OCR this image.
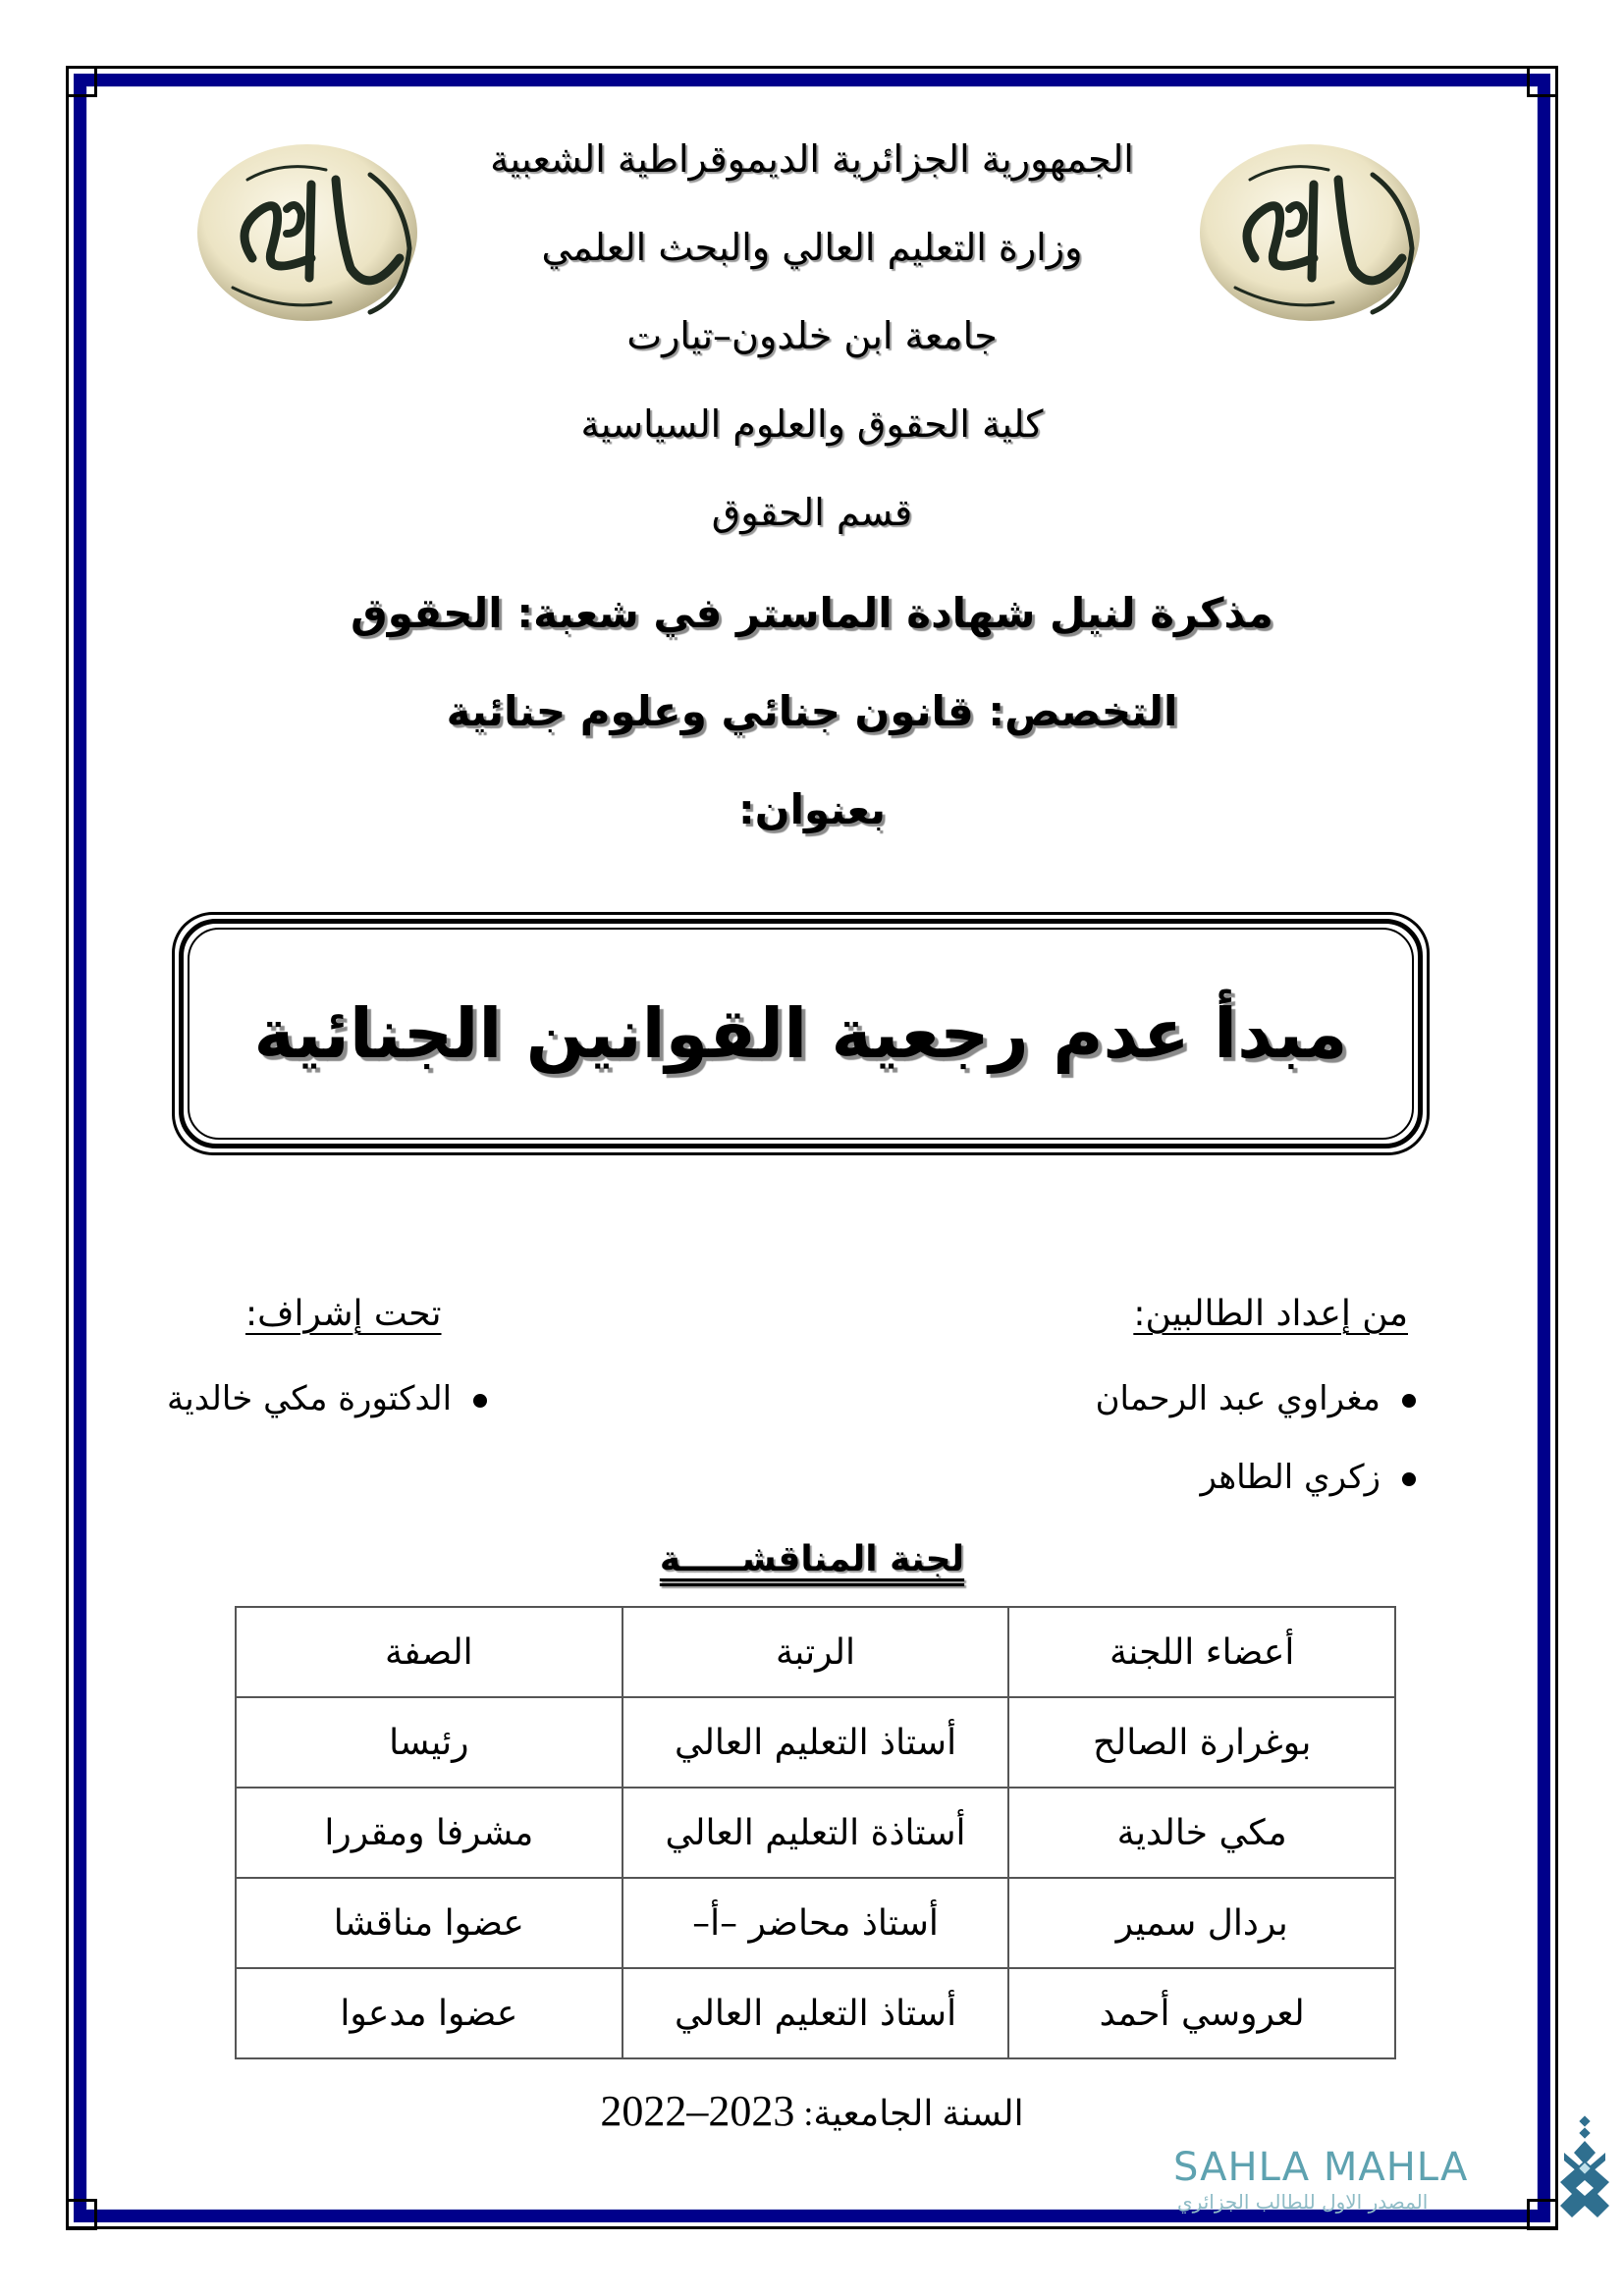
الجمهورية الجزائرية الديموقراطية الشعبية
وزارة التعليم العالي والبحث العلمي
جامعة ابن خلدون–تيارت
كلية الحقوق والعلوم السياسية
قسم الحقوق
مذكرة لنيل شهادة الماستر في شعبة: الحقوق
التخصص: قانون جنائي وعلوم جنائية
بعنوان:
مبدأ عدم رجعية القوانين الجنائية
من إعداد الطالبين:
مغراوي عبد الرحمان
زكري الطاهر
تحت إشراف:
الدكتورة مكي خالدية
لجنة المناقشـــــة
أعضاء اللجنة	الرتبة	الصفة
بوغرارة الصالح	أستاذ التعليم العالي	رئيسا
مكي خالدية	أستاذة التعليم العالي	مشرفا ومقررا
بردال سمير	أستاذ محاضر –أ–	عضوا مناقشا
لعروسي أحمد	أستاذ التعليم العالي	عضوا مدعوا
السنة الجامعية: 2022–2023
SAHLA MAHLA
المصدر الاول للطالب الجزائري
